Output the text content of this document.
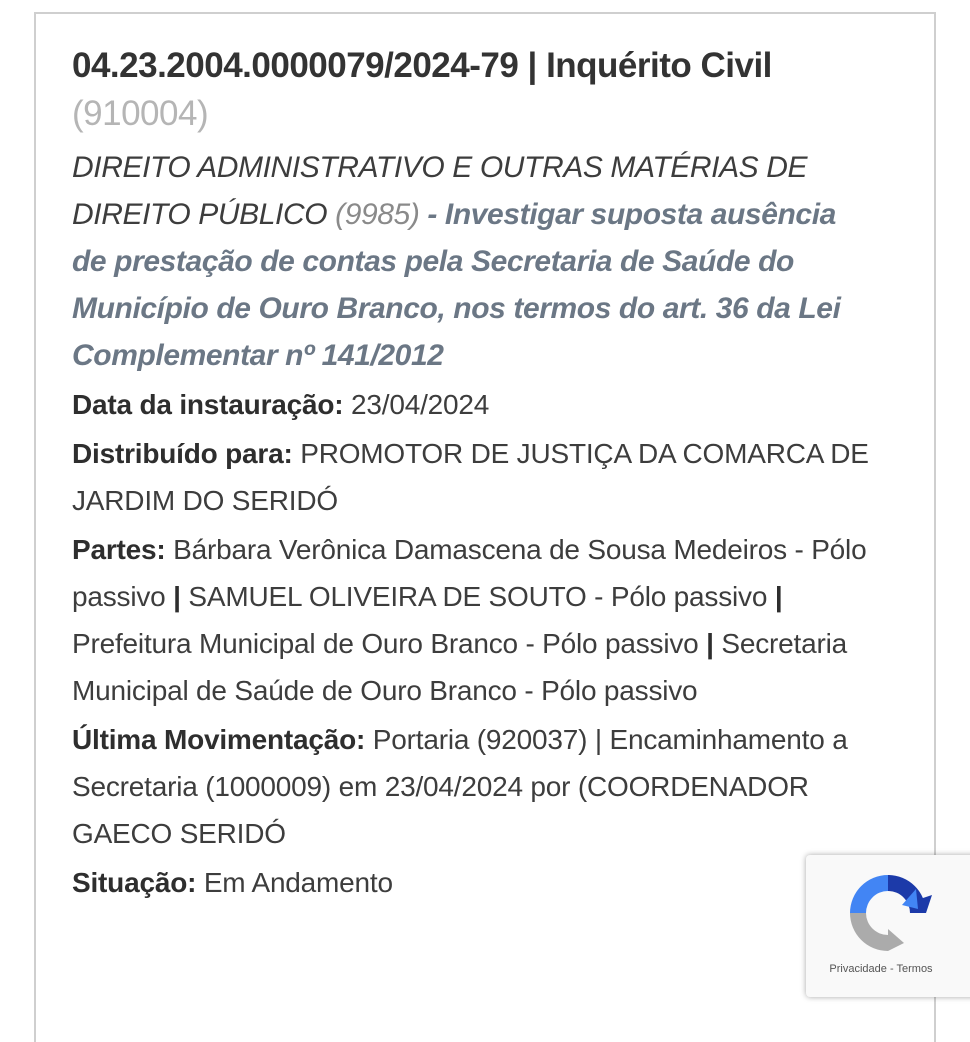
04.23.2004.0000079/2024-79 | Inquérito Civil (910004)

DIREITO ADMINISTRATIVO E OUTRAS MATÉRIAS DE DIREITO PÚBLICO (9985) - Investigar suposta ausência de prestação de contas pela Secretaria de Saúde do Município de Ouro Branco, nos termos do art. 36 da Lei Complementar nº 141/2012
Data da instauração: 23/04/2024
Distribuído para: PROMOTOR DE JUSTIÇA DA COMARCA DE JARDIM DO SERIDÓ
Partes: Bárbara Verônica Damascena de Sousa Medeiros - Pólo passivo | SAMUEL OLIVEIRA DE SOUTO - Pólo passivo | Prefeitura Municipal de Ouro Branco - Pólo passivo | Secretaria Municipal de Saúde de Ouro Branco - Pólo passivo
Última Movimentação: Portaria (920037) | Encaminhamento a Secretaria (1000009) em 23/04/2024 por (COORDENADOR GAECO SERIDÓ
Situação: Em Andamento
Privacidade - Termos
